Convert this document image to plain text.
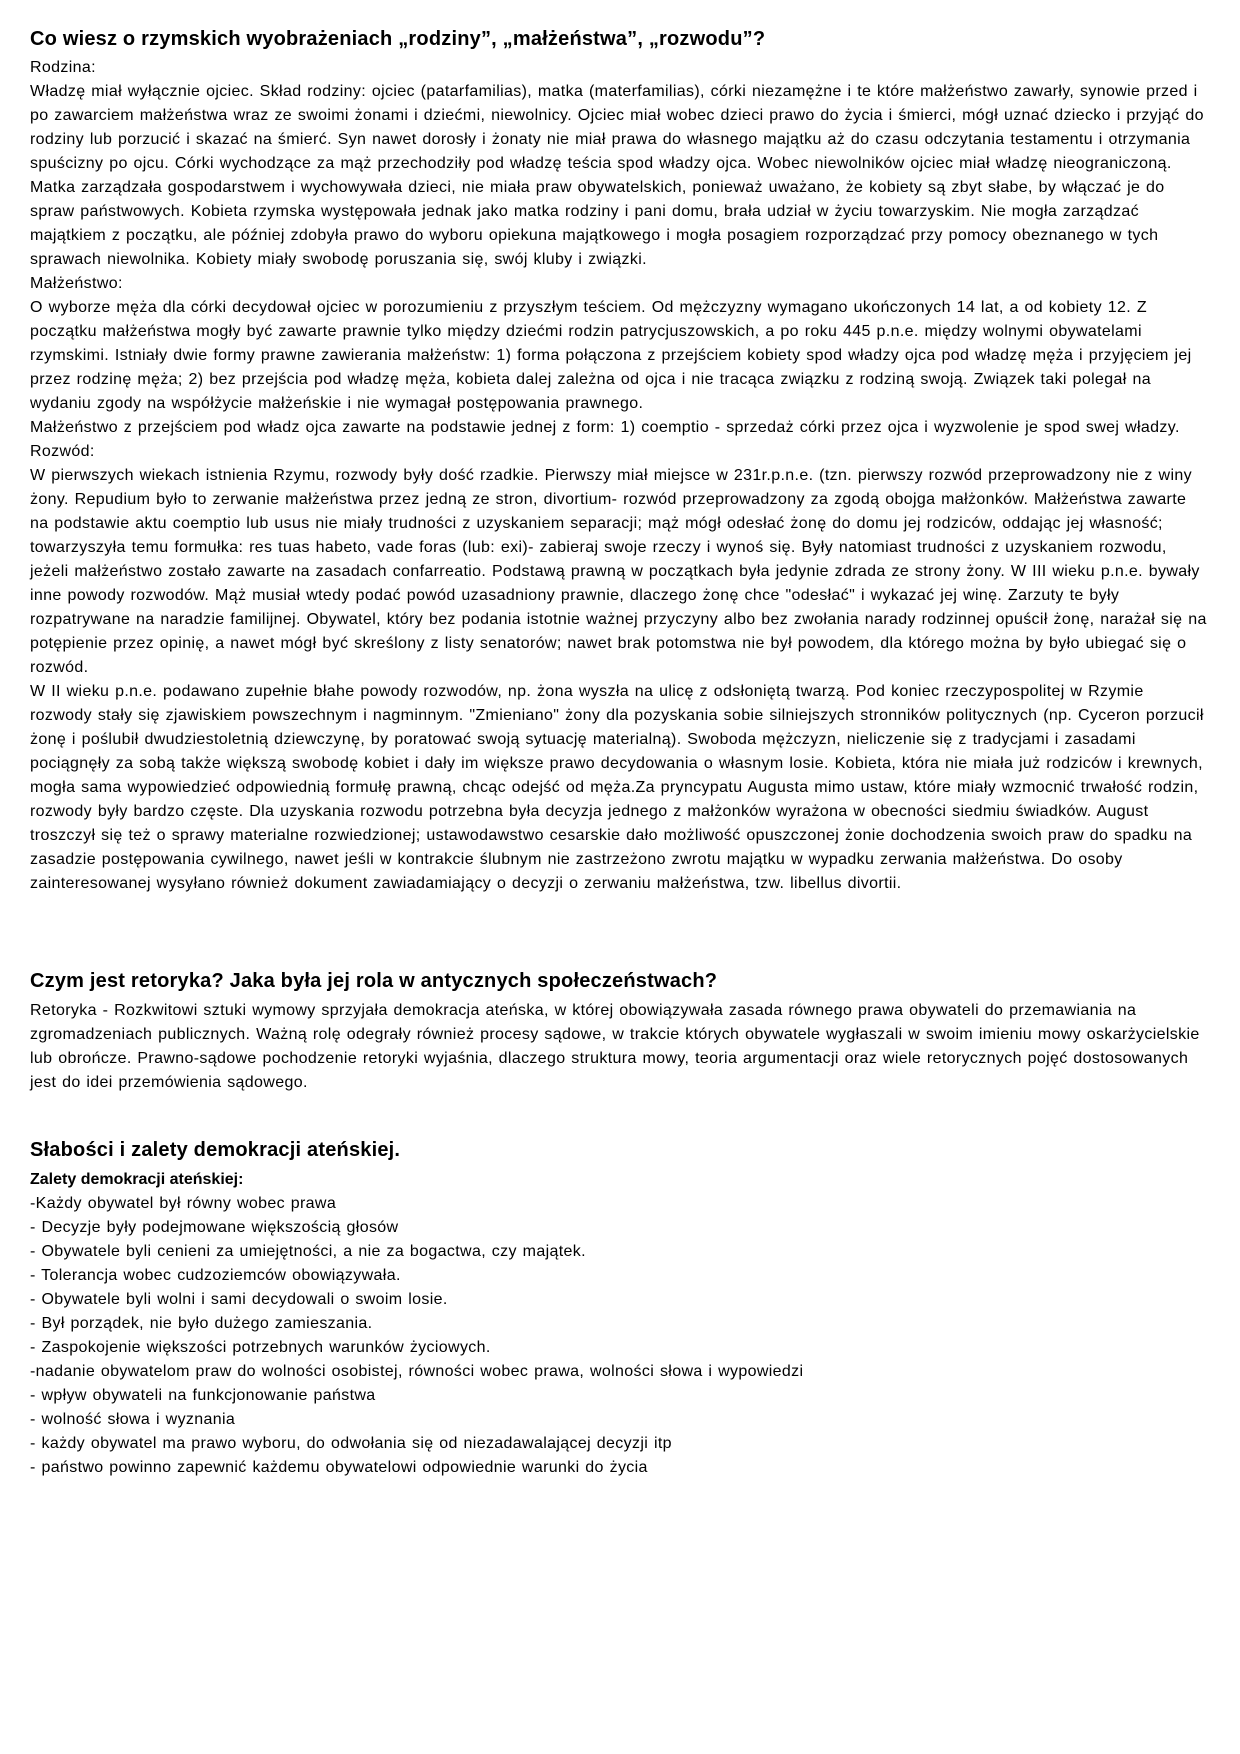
Co wiesz o rzymskich wyobrażeniach „rodziny”, „małżeństwa”, „rozwodu”?

Rodzina:

Władzę miał wyłącznie ojciec. Skład rodziny: ojciec (patarfamilias), matka (materfamilias), córki niezamężne i te które małżeństwo zawarły, synowie przed i po zawarciem małżeństwa wraz ze swoimi żonami i dziećmi, niewolnicy. Ojciec miał wobec dzieci prawo do życia i śmierci, mógł uznać dziecko i przyjąć do rodziny lub porzucić i skazać na śmierć. Syn nawet dorosły i żonaty nie miał prawa do własnego majątku aż do czasu odczytania testamentu i otrzymania spuścizny po ojcu. Córki wychodzące za mąż przechodziły pod władzę teścia spod władzy ojca. Wobec niewolników ojciec miał władzę nieograniczoną. Matka zarządzała gospodarstwem i wychowywała dzieci, nie miała praw obywatelskich, ponieważ uważano, że kobiety są zbyt słabe, by włączać je do spraw państwowych. Kobieta rzymska występowała jednak jako matka rodziny i pani domu, brała udział w życiu towarzyskim. Nie mogła zarządzać majątkiem z początku, ale później zdobyła prawo do wyboru opiekuna majątkowego i mogła posagiem rozporządzać przy pomocy obeznanego w tych sprawach niewolnika. Kobiety miały swobodę poruszania się, swój kluby i związki.

Małżeństwo:

O wyborze męża dla córki decydował ojciec w porozumieniu z przyszłym teściem. Od mężczyzny wymagano ukończonych 14 lat, a od kobiety 12. Z początku małżeństwa mogły być zawarte prawnie tylko między dziećmi rodzin patrycjuszowskich, a po roku 445 p.n.e. między wolnymi obywatelami rzymskimi. Istniały dwie formy prawne zawierania małżeństw: 1) forma połączona z przejściem kobiety spod władzy ojca pod władzę męża i przyjęciem jej przez rodzinę męża; 2) bez przejścia pod władzę męża, kobieta dalej zależna od ojca i nie tracąca związku z rodziną swoją. Związek taki polegał na wydaniu zgody na współżycie małżeńskie i nie wymagał postępowania prawnego.

Małżeństwo z przejściem pod władz ojca zawarte na podstawie jednej z form: 1) coemptio - sprzedaż córki przez ojca i wyzwolenie je spod swej władzy.

Rozwód:

W pierwszych wiekach istnienia Rzymu, rozwody były dość rzadkie. Pierwszy miał miejsce w 231r.p.n.e. (tzn. pierwszy rozwód przeprowadzony nie z winy żony. Repudium było to zerwanie małżeństwa przez jedną ze stron, divortium- rozwód przeprowadzony za zgodą obojga małżonków. Małżeństwa zawarte na podstawie aktu coemptio lub usus nie miały trudności z uzyskaniem separacji; mąż mógł odesłać żonę do domu jej rodziców, oddając jej własność; towarzyszyła temu formułka: res tuas habeto, vade foras (lub: exi)- zabieraj swoje rzeczy i wynoś się. Były natomiast trudności z uzyskaniem rozwodu, jeżeli małżeństwo zostało zawarte na zasadach confarreatio. Podstawą prawną w początkach była jedynie zdrada ze strony żony. W III wieku p.n.e. bywały inne powody rozwodów. Mąż musiał wtedy podać powód uzasadniony prawnie, dlaczego żonę chce "odesłać" i wykazać jej winę. Zarzuty te były rozpatrywane na naradzie familijnej. Obywatel, który bez podania istotnie ważnej przyczyny albo bez zwołania narady rodzinnej opuścił żonę, narażał się na potępienie przez opinię, a nawet mógł być skreślony z listy senatorów; nawet brak potomstwa nie był powodem, dla którego można by było ubiegać się o rozwód.

W II wieku p.n.e. podawano zupełnie błahe powody rozwodów, np. żona wyszła na ulicę z odsłoniętą twarzą. Pod koniec rzeczypospolitej w Rzymie rozwody stały się zjawiskiem powszechnym i nagminnym. "Zmieniano" żony dla pozyskania sobie silniejszych stronników politycznych (np. Cyceron porzucił żonę i poślubił dwudziestoletnią dziewczynę, by poratować swoją sytuację materialną). Swoboda mężczyzn, nieliczenie się z tradycjami i zasadami pociągnęły za sobą także większą swobodę kobiet i dały im większe prawo decydowania o własnym losie. Kobieta, która nie miała już rodziców i krewnych, mogła sama wypowiedzieć odpowiednią formułę prawną, chcąc odejść od męża.Za pryncypatu Augusta mimo ustaw, które miały wzmocnić trwałość rodzin, rozwody były bardzo częste. Dla uzyskania rozwodu potrzebna była decyzja jednego z małżonków wyrażona w obecności siedmiu świadków. August troszczył się też o sprawy materialne rozwiedzionej; ustawodawstwo cesarskie dało możliwość opuszczonej żonie dochodzenia swoich praw do spadku na zasadzie postępowania cywilnego, nawet jeśli w kontrakcie ślubnym nie zastrzeżono zwrotu majątku w wypadku zerwania małżeństwa. Do osoby zainteresowanej wysyłano również dokument zawiadamiający o decyzji o zerwaniu małżeństwa, tzw. libellus divortii.

Czym jest retoryka? Jaka była jej rola w antycznych społeczeństwach?

Retoryka - Rozkwitowi sztuki wymowy sprzyjała demokracja ateńska, w której obowiązywała zasada równego prawa obywateli do przemawiania na zgromadzeniach publicznych. Ważną rolę odegrały również procesy sądowe, w trakcie których obywatele wygłaszali w swoim imieniu mowy oskarżycielskie lub obrończe. Prawno-sądowe pochodzenie retoryki wyjaśnia, dlaczego struktura mowy, teoria argumentacji oraz wiele retorycznych pojęć dostosowanych jest do idei przemówienia sądowego.

Słabości i zalety demokracji ateńskiej.

Zalety demokracji ateńskiej:

-Każdy obywatel był równy wobec prawa

- Decyzje były podejmowane większością głosów

- Obywatele byli cenieni za umiejętności, a nie za bogactwa, czy majątek.

- Tolerancja wobec cudzoziemców obowiązywała.

- Obywatele byli wolni i sami decydowali o swoim losie.

- Był porządek, nie było dużego zamieszania.

- Zaspokojenie większości potrzebnych warunków życiowych.

-nadanie obywatelom praw do wolności osobistej, równości wobec prawa, wolności słowa i wypowiedzi

- wpływ obywateli na funkcjonowanie państwa

- wolność słowa i wyznania

- każdy obywatel ma prawo wyboru, do odwołania się od niezadawalającej decyzji itp

- państwo powinno zapewnić każdemu obywatelowi odpowiednie warunki do życia
